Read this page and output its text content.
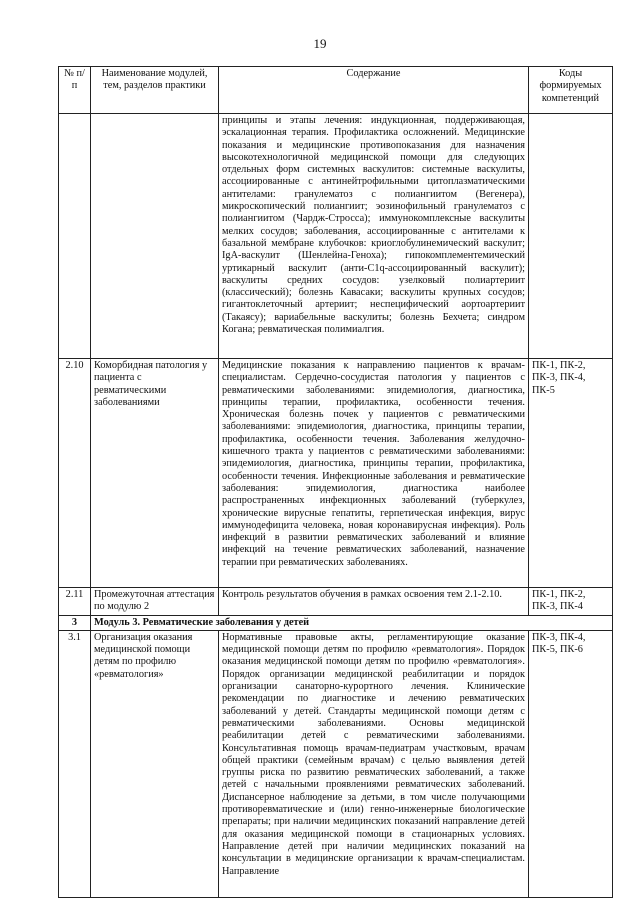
19
№ п/п	Наименование модулей, тем, разделов практики	Содержание	Коды формируемых компетенций
		принципы и этапы лечения: индукционная, поддерживающая, эскалационная терапия. Профилактика осложнений. Медицинские показания и медицинские противопоказания для назначения высокотехнологичной медицинской помощи для следующих отдельных форм системных васкулитов: системные васкулиты, ассоциированные с антинейтрофильными цитоплазматическими антителами: гранулематоз с полиангиитом (Вегенера), микроскопический полиангиит; эозинофильный гранулематоз с полиангиитом (Чардж-Стросса); иммунокомплексные васкулиты мелких сосудов; заболевания, ассоциированные с антителами к базальной мембране клубочков: криоглобулинемический васкулит; IgA-васкулит (Шенлейна-Геноха); гипокомплементемический уртикарный васкулит (анти-C1q-ассоциированный васкулит); васкулиты средних сосудов: узелковый полиартериит (классический); болезнь Кавасаки; васкулиты крупных сосудов; гигантоклеточный артериит; неспецифический аортоартериит (Такаясу); вариабельные васкулиты; болезнь Бехчета; синдром Когана; ревматическая полимиалгия.	
2.10	Коморбидная патология у пациента с ревматическими заболеваниями	Медицинские показания к направлению пациентов к врачам-специалистам. Сердечно-сосудистая патология у пациентов с ревматическими заболеваниями: эпидемиология, диагностика, принципы терапии, профилактика, особенности течения. Хроническая болезнь почек у пациентов с ревматическими заболеваниями: эпидемиология, диагностика, принципы терапии, профилактика, особенности течения. Заболевания желудочно-кишечного тракта у пациентов с ревматическими заболеваниями: эпидемиология, диагностика, принципы терапии, профилактика, особенности течения. Инфекционные заболевания и ревматические заболевания: эпидемиология, диагностика наиболее распространенных инфекционных заболеваний (туберкулез, хронические вирусные гепатиты, герпетическая инфекция, вирус иммунодефицита человека, новая коронавирусная инфекция). Роль инфекций в развитии ревматических заболеваний и влияние инфекций на течение ревматических заболеваний, назначение терапии при ревматических заболеваниях.	ПК-1, ПК-2, ПК-3, ПК-4, ПК-5
2.11	Промежуточная аттестация по модулю 2	Контроль результатов обучения в рамках освоения тем 2.1-2.10.	ПК-1, ПК-2, ПК-3, ПК-4
3	Модуль 3. Ревматические заболевания у детей		
3.1	Организация оказания медицинской помощи детям по профилю «ревматология»	Нормативные правовые акты, регламентирующие оказание медицинской помощи детям по профилю «ревматология». Порядок оказания медицинской помощи детям по профилю «ревматология». Порядок организации медицинской реабилитации и порядок организации санаторно-курортного лечения. Клинические рекомендации по диагностике и лечению ревматических заболеваний у детей. Стандарты медицинской помощи детям с ревматическими заболеваниями. Основы медицинской реабилитации детей с ревматическими заболеваниями. Консультативная помощь врачам-педиатрам участковым, врачам общей практики (семейным врачам) с целью выявления детей группы риска по развитию ревматических заболеваний, а также детей с начальными проявлениями ревматических заболеваний. Диспансерное наблюдение за детьми, в том числе получающими противоревматические и (или) генно-инженерные биологические препараты; при наличии медицинских показаний направление детей для оказания медицинской помощи в стационарных условиях. Направление детей при наличии медицинских показаний на консультации в медицинские организации к врачам-специалистам. Направление	ПК-3, ПК-4, ПК-5, ПК-6
